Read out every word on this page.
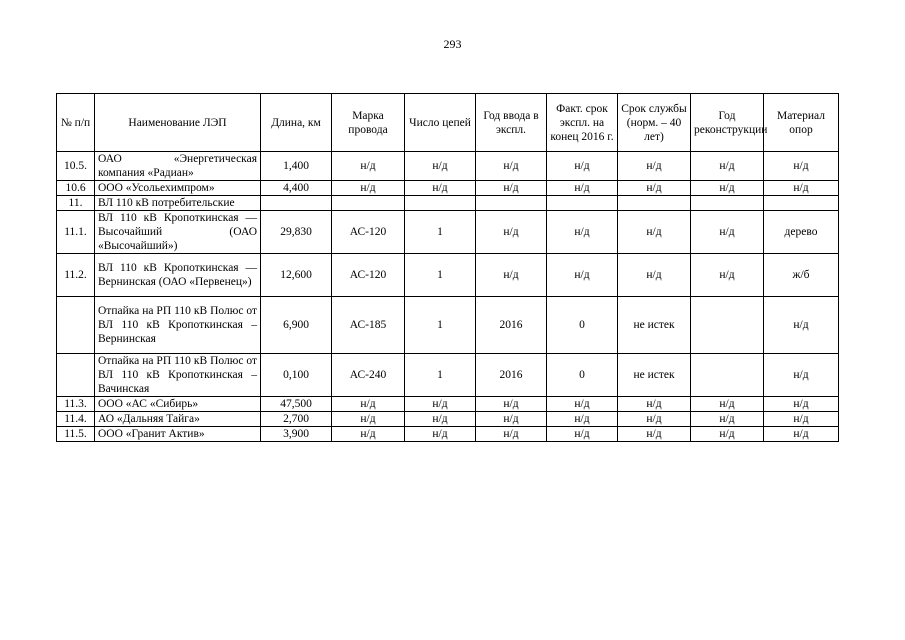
293
№ п/п	Наименование ЛЭП	Длина, км	Марка провода	Число цепей	Год ввода в экспл.	Факт. срок экспл. на конец 2016 г.	Срок службы (норм. – 40 лет)	Год реконструкции	Материал опор
10.5.	ОАО «Энергетическая компания «Радиан»	1,400	н/д	н/д	н/д	н/д	н/д	н/д	н/д
10.6	ООО «Усольехимпром»	4,400	н/д	н/д	н/д	н/д	н/д	н/д	н/д
11.	ВЛ 110 кВ потребительские								
11.1.	ВЛ 110 кВ Кропоткинская — Высочайший (ОАО «Высочайший»)	29,830	АС-120	1	н/д	н/д	н/д	н/д	дерево
11.2.	ВЛ 110 кВ Кропоткинская — Вернинская (ОАО «Первенец»)	12,600	АС-120	1	н/д	н/д	н/д	н/д	ж/б
	Отпайка на РП 110 кВ Полюс от ВЛ 110 кВ Кропоткинская – Вернинская	6,900	АС-185	1	2016	0	не истек		н/д
	Отпайка на РП 110 кВ Полюс от ВЛ 110 кВ Кропоткинская – Вачинская	0,100	АС-240	1	2016	0	не истек		н/д
11.3.	ООО «АС «Сибирь»	47,500	н/д	н/д	н/д	н/д	н/д	н/д	н/д
11.4.	АО «Дальняя Тайга»	2,700	н/д	н/д	н/д	н/д	н/д	н/д	н/д
11.5.	ООО «Гранит Актив»	3,900	н/д	н/д	н/д	н/д	н/д	н/д	н/д
